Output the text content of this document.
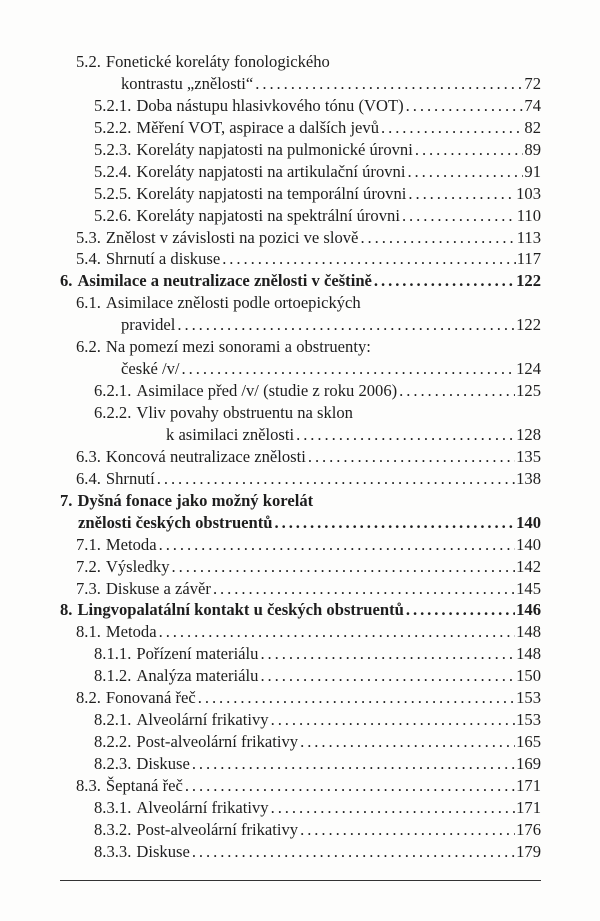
5.2. Fonetické koreláty fonologického
kontrastu „znělosti“ . . .	72
5.2.1. Doba nástupu hlasivkového tónu (VOT) . . .	74
5.2.2. Měření VOT, aspirace a dalších jevů . . .	82
5.2.3. Koreláty napjatosti na pulmonické úrovni . . .	89
5.2.4. Koreláty napjatosti na artikulační úrovni . . .	91
5.2.5. Koreláty napjatosti na temporální úrovni . . .	103
5.2.6. Koreláty napjatosti na spektrální úrovni . . .	110
5.3. Znělost v závislosti na pozici ve slově . . .	113
5.4. Shrnutí a diskuse . . .	117
6. Asimilace a neutralizace znělosti v češtině . . .	122
6.1. Asimilace znělosti podle ortoepických
pravidel . . .	122
6.2. Na pomezí mezi sonorami a obstruenty:
české /v/ . . .	124
6.2.1. Asimilace před /v/ (studie z roku 2006) . . .	125
6.2.2. Vliv povahy obstruentu na sklon
k asimilaci znělosti . . .	128
6.3. Koncová neutralizace znělosti . . .	135
6.4. Shrnutí . . .	138
7. Dyšná fonace jako možný korelát
znělosti českých obstruentů . . .	140
7.1. Metoda . . .	140
7.2. Výsledky . . .	142
7.3. Diskuse a závěr . . .	145
8. Lingvopalatální kontakt u českých obstruentů . . .	146
8.1. Metoda . . .	148
8.1.1. Pořízení materiálu . . .	148
8.1.2. Analýza materiálu . . .	150
8.2. Fonovaná řeč . . .	153
8.2.1. Alveolární frikativy . . .	153
8.2.2. Post-alveolární frikativy . . .	165
8.2.3. Diskuse . . .	169
8.3. Šeptaná řeč . . .	171
8.3.1. Alveolární frikativy . . .	171
8.3.2. Post-alveolární frikativy . . .	176
8.3.3. Diskuse . . .	179
